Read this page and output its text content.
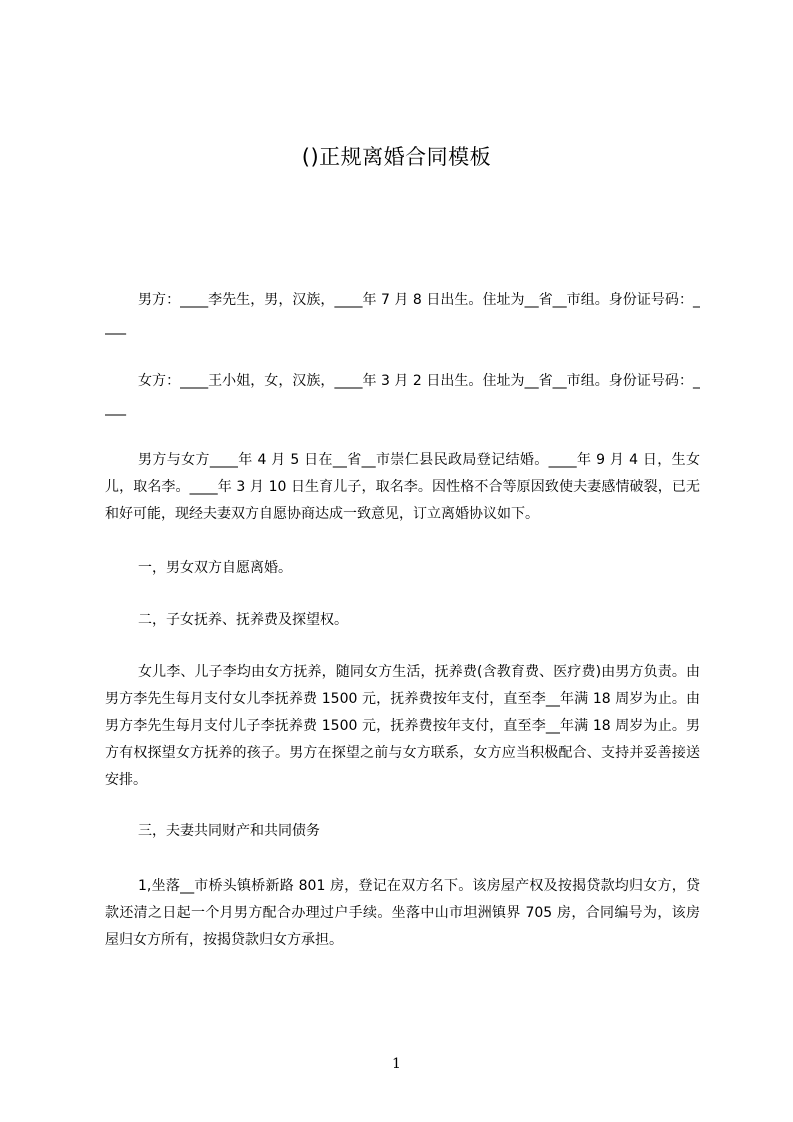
()正规离婚合同模板

男方：____李先生，男，汉族，____年 7 月 8 日出生。住址为__省__市组。身份证号码：____

女方：____王小姐，女，汉族，____年 3 月 2 日出生。住址为__省__市组。身份证号码：____

男方与女方____年 4 月 5 日在__省__市崇仁县民政局登记结婚。____年 9 月 4 日，生女儿，取名李。____年 3 月 10 日生育儿子，取名李。因性格不合等原因致使夫妻感情破裂，已无和好可能，现经夫妻双方自愿协商达成一致意见，订立离婚协议如下。

一，男女双方自愿离婚。

二，子女抚养、抚养费及探望权。

女儿李、儿子李均由女方抚养，随同女方生活，抚养费(含教育费、医疗费)由男方负责。由男方李先生每月支付女儿李抚养费 1500 元，抚养费按年支付，直至李__年满 18 周岁为止。由男方李先生每月支付儿子李抚养费 1500 元，抚养费按年支付，直至李__年满 18 周岁为止。男方有权探望女方抚养的孩子。男方在探望之前与女方联系，女方应当积极配合、支持并妥善接送安排。

三，夫妻共同财产和共同债务

1,坐落__市桥头镇桥新路 801 房，登记在双方名下。该房屋产权及按揭贷款均归女方，贷款还清之日起一个月男方配合办理过户手续。坐落中山市坦洲镇界 705 房，合同编号为，该房屋归女方所有，按揭贷款归女方承担。

1
